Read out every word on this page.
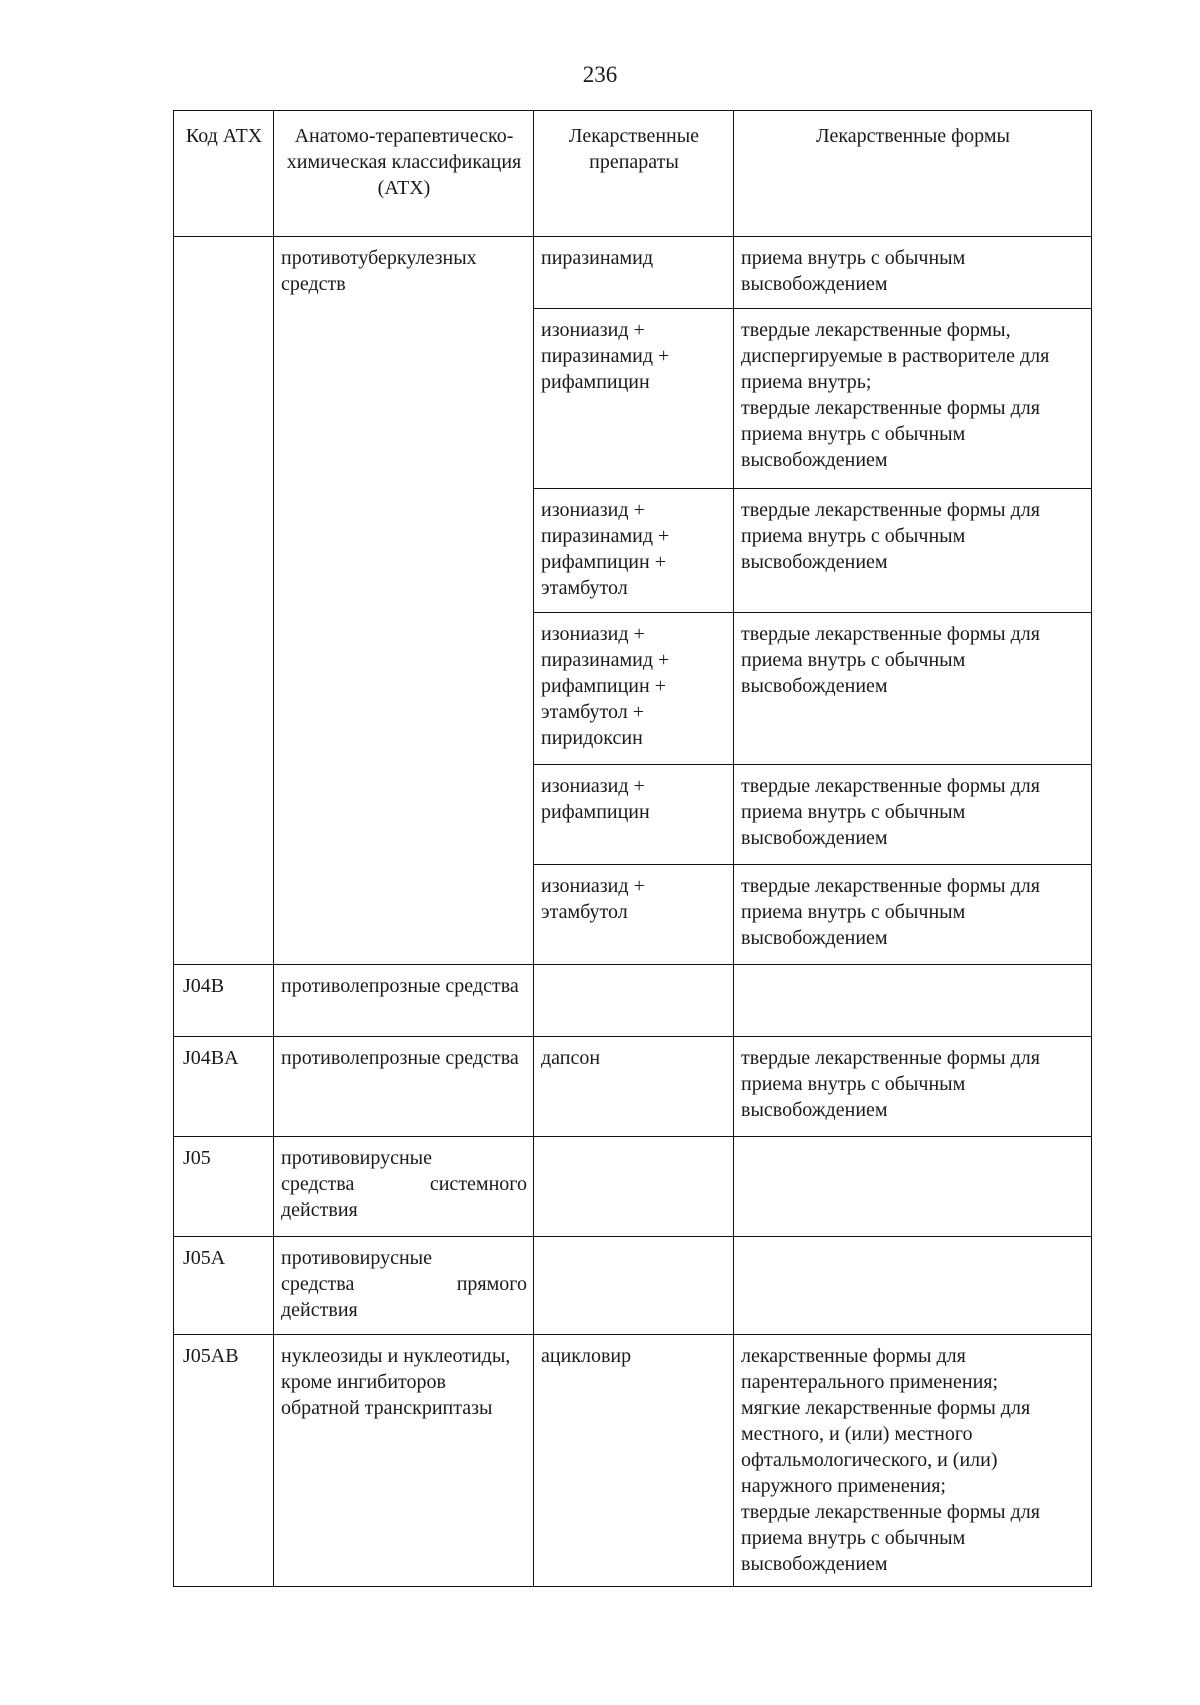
236
Код АТХ	Анатомо-терапевтическо-химическая классификация (АТХ)	Лекарственные препараты	Лекарственные формы
	противотуберкулезных средств	пиразинамид	приема внутрь с обычным высвобождением
		изониазид + пиразинамид + рифампицин	твердые лекарственные формы, диспергируемые в растворителе для приема внутрь;
твердые лекарственные формы для приема внутрь с обычным высвобождением

		изониазид + пиразинамид + рифампицин + этамбутол	твердые лекарственные формы для приема внутрь с обычным высвобождением
		изониазид + пиразинамид + рифампицин + этамбутол + пиридоксин	твердые лекарственные формы для приема внутрь с обычным высвобождением
		изониазид + рифампицин	твердые лекарственные формы для приема внутрь с обычным высвобождением
		изониазид + этамбутол	твердые лекарственные формы для приема внутрь с обычным высвобождением
J04B	противолепрозные средства		
J04BA	противолепрозные средства	дапсон	твердые лекарственные формы для приема внутрь с обычным высвобождением
J05	противовирусные
средства системного
действия		

J05A	противовирусные
средства прямого
действия		

J05AB	нуклеозиды и нуклеотиды, кроме ингибиторов обратной транскриптазы	ацикловир	лекарственные формы для парентерального применения;
мягкие лекарственные формы для местного, и (или) местного офтальмологического, и (или) наружного применения;
твердые лекарственные формы для приема внутрь с обычным высвобождением
